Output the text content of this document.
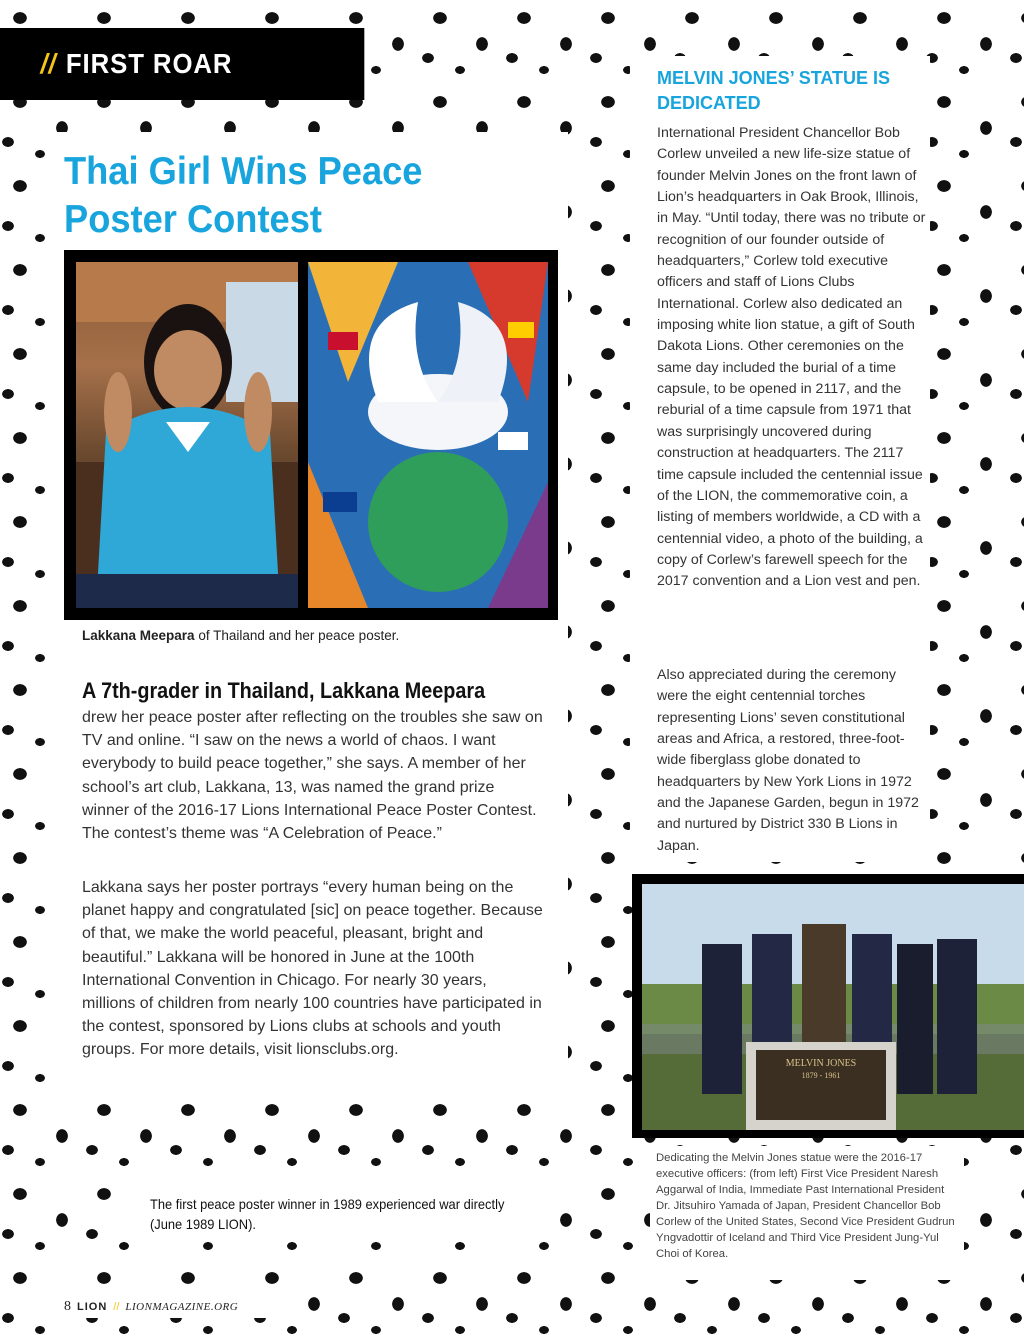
// FIRST ROAR
Thai Girl Wins Peace Poster Contest

Lakkana Meepara of Thailand and her peace poster.

A 7th-grader in Thailand, Lakkana Meepara

drew her peace poster after reflecting on the troubles she saw on TV and online. “I saw on the news a world of chaos. I want everybody to build peace together,” she says. A member of her school’s art club, Lakkana, 13, was named the grand prize winner of the 2016-17 Lions International Peace Poster Contest. The contest’s theme was “A Celebration of Peace.”

Lakkana says her poster portrays “every human being on the planet happy and congratulated [sic] on peace together. Because of that, we make the world peaceful, pleasant, bright and beautiful.” Lakkana will be honored in June at the 100th International Convention in Chicago. For nearly 30 years, millions of children from nearly 100 countries have participated in the contest, sponsored by Lions clubs at schools and youth groups. For more details, visit lionsclubs.org.

MELVIN JONES’ STATUE IS DEDICATED

International President Chancellor Bob Corlew unveiled a new life-size statue of founder Melvin Jones on the front lawn of Lion’s headquarters in Oak Brook, Illinois, in May. “Until today, there was no tribute or recognition of our founder outside of headquarters,” Corlew told executive officers and staff of Lions Clubs International. Corlew also dedicated an imposing white lion statue, a gift of South Dakota Lions. Other ceremonies on the same day included the burial of a time capsule, to be opened in 2117, and the reburial of a time capsule from 1971 that was surprisingly uncovered during construction at headquarters. The 2117 time capsule included the centennial issue of the LION, the commemorative coin, a listing of members worldwide, a CD with a centennial video, a photo of the building, a copy of Corlew’s farewell speech for the 2017 convention and a Lion vest and pen.

Also appreciated during the ceremony were the eight centennial torches representing Lions’ seven constitutional areas and Africa, a restored, three-foot-wide fiberglass globe donated to headquarters by New York Lions in 1972 and the Japanese Garden, begun in 1972 and nurtured by District 330 B Lions in Japan.

MELVIN JONES
1879 - 1961

Dedicating the Melvin Jones statue were the 2016-17 executive officers: (from left) First Vice President Naresh Aggarwal of India, Immediate Past International President Dr. Jitsuhiro Yamada of Japan, President Chancellor Bob Corlew of the United States, Second Vice President Gudrun Yngvadottir of Iceland and Third Vice President Jung-Yul Choi of Korea.

The first peace poster winner in 1989 experienced war directly (June 1989 LION).

8 LION // LIONMAGAZINE.ORG
